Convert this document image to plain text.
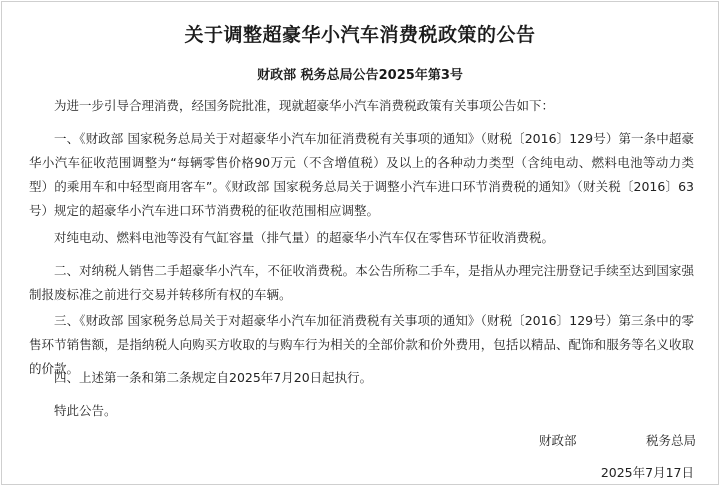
关于调整超豪华小汽车消费税政策的公告
财政部 税务总局公告2025年第3号

为进一步引导合理消费，经国务院批准，现就超豪华小汽车消费税政策有关事项公告如下：

一、《财政部 国家税务总局关于对超豪华小汽车加征消费税有关事项的通知》（财税〔2016〕129号）第一条中超豪华小汽车征收范围调整为“每辆零售价格90万元（不含增值税）及以上的各种动力类型（含纯电动、燃料电池等动力类型）的乘用车和中轻型商用客车”。《财政部 国家税务总局关于调整小汽车进口环节消费税的通知》（财关税〔2016〕63号）规定的超豪华小汽车进口环节消费税的征收范围相应调整。

对纯电动、燃料电池等没有气缸容量（排气量）的超豪华小汽车仅在零售环节征收消费税。

二、对纳税人销售二手超豪华小汽车，不征收消费税。本公告所称二手车，是指从办理完注册登记手续至达到国家强制报废标准之前进行交易并转移所有权的车辆。

三、《财政部 国家税务总局关于对超豪华小汽车加征消费税有关事项的通知》（财税〔2016〕129号）第三条中的零售环节销售额，是指纳税人向购买方收取的与购车行为相关的全部价款和价外费用，包括以精品、配饰和服务等名义收取的价款。

四、上述第一条和第二条规定自2025年7月20日起执行。

特此公告。

财政部	税务总局
2025年7月17日
